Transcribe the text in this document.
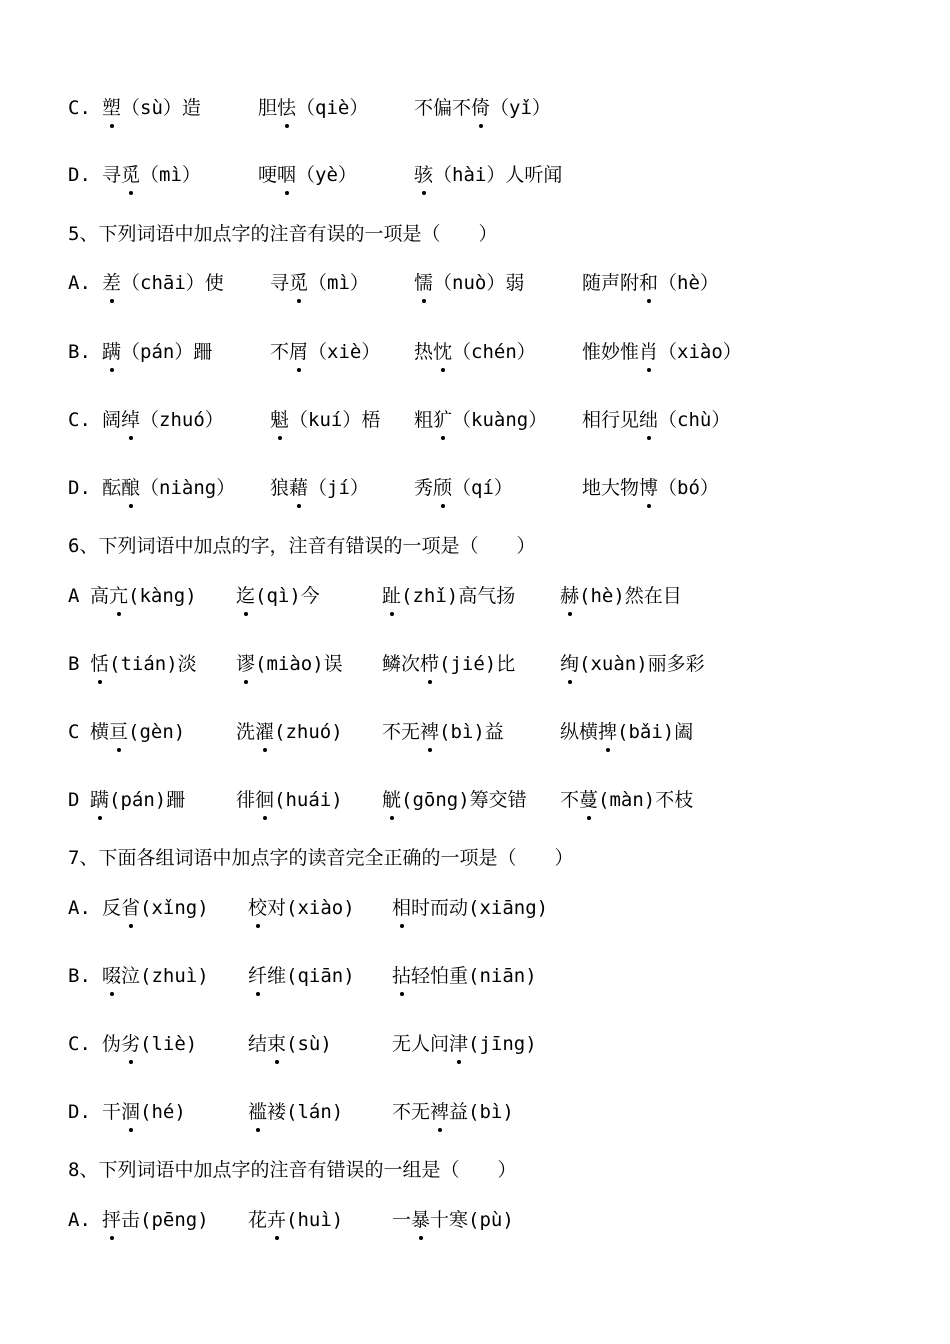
C. 塑（sù）造	胆怯（qiè） 不偏不倚（yǐ）
D. 寻觅（mì）	哽咽（yè）	骇（hài）人听闻
5、下列词语中加点字的注音有误的一项是（　　）
A. 差（chāi）使 寻觅（mì） 懦（nuò）弱	随声附和（hè）
B. 蹒（pán）跚	不屑（xiè） 热忱（chén） 惟妙惟肖（xiào）
C. 阔绰（zhuó） 魁（kuí）梧 粗犷（kuàng） 相行见绌（chù）
D. 酝酿（niàng） 狼藉（jí） 秀颀（qí）	地大物博（bó）
6、下列词语中加点的字，注音有错误的一项是（　　）
A 高亢(kàng) 迄(qì)今	趾(zhǐ)高气扬 赫(hè)然在目
B 恬(tián)淡 谬(miào)误 鳞次栉(jié)比 绚(xuàn)丽多彩
C 横亘(gèn)	洗濯(zhuó) 不无裨(bì)益	纵横捭(bǎi)阖
D 蹒(pán)跚	徘徊(huái) 觥(gōng)筹交错 不蔓(màn)不枝
7、下面各组词语中加点字的读音完全正确的一项是（　　）
A. 反省(xǐng) 校对(xiào) 相时而动(xiāng)
B. 啜泣(zhuì) 纤维(qiān) 拈轻怕重(niān)
C. 伪劣(liè)	结束(sù)	无人问津(jīng)
D. 干涸(hé)	褴褛(lán)	不无裨益(bì)
8、下列词语中加点字的注音有错误的一组是（　　）
A. 抨击(pēng) 花卉(huì)	一暴十寒(pù)
